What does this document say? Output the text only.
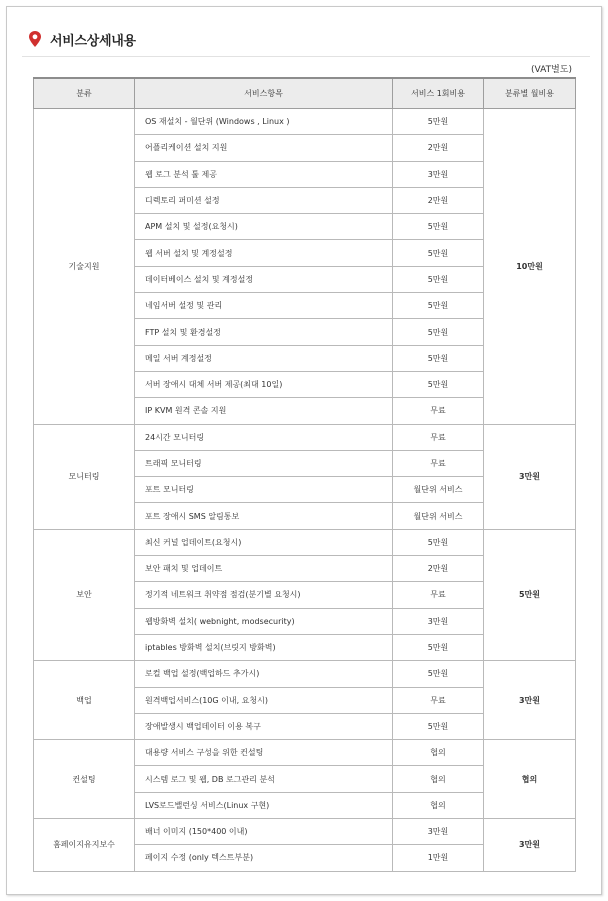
서비스상세내용
(VAT별도)
분류	서비스항목	서비스 1회비용	분류별 월비용
기술지원	OS 재설치 - 월단위 (Windows , Linux )	5만원	10만원
	어플리케이션 설치 지원	2만원	
	웹 로그 분석 툴 제공	3만원	
	디렉토리 퍼미션 설정	2만원	
	APM 설치 및 설정(요청시)	5만원	
	웹 서버 설치 및 계정설정	5만원	
	데이터베이스 설치 및 계정설정	5만원	
	네임서버 설정 및 관리	5만원	
	FTP 설치 및 환경설정	5만원	
	메일 서버 계정설정	5만원	
	서버 장애시 대체 서버 제공(최대 10일)	5만원	
	IP KVM 원격 콘솔 지원	무료	
모니터링	24시간 모니터링	무료	3만원
	트래픽 모니터링	무료	
	포트 모니터링	월단위 서비스	
	포트 장애시 SMS 알림통보	월단위 서비스	
보안	최신 커널 업데이트(요청시)	5만원	5만원
	보안 패치 및 업데이트	2만원	
	정기적 네트워크 취약점 점검(분기별 요청시)	무료	
	웹방화벽 설치( webnight, modsecurity)	3만원	
	iptables 방화벽 설치(브릿지 방화벽)	5만원	
백업	로컬 백업 설정(백업하드 추가시)	5만원	3만원
	원격백업서비스(10G 이내, 요청시)	무료	
	장애발생시 백업데이터 이용 복구	5만원	
컨설팅	대용량 서비스 구성을 위한 컨설팅	협의	협의
	시스템 로그 및 웹, DB 로그관리 분석	협의	
	LVS로드밸런싱 서비스(Linux 구현)	협의	
홈페이지유지보수	배너 이미지 (150*400 이내)	3만원	3만원
	페이지 수정 (only 텍스트부분)	1만원	
